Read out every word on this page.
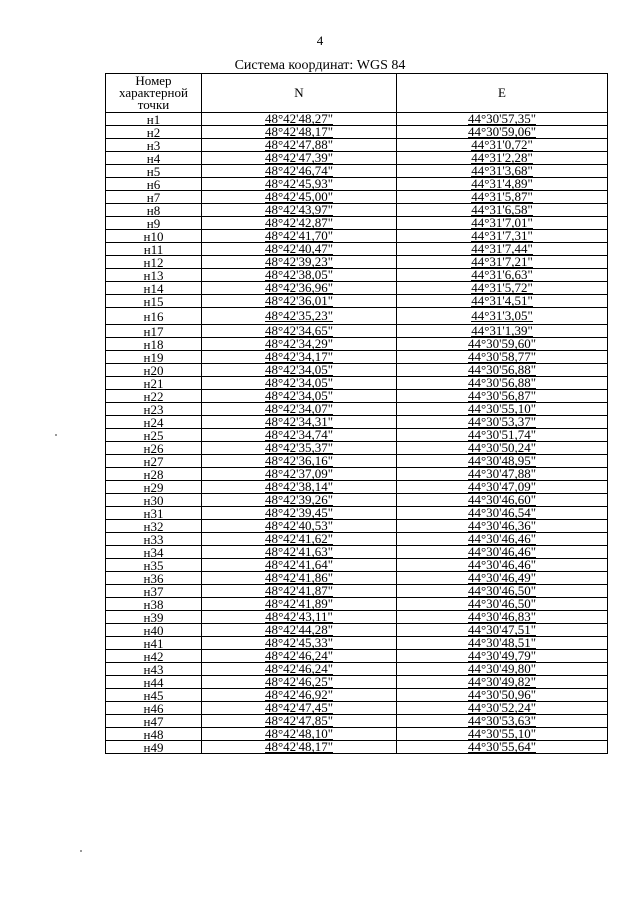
4
Система координат: WGS 84
Номер характерной точки	N	E
н1	48°42'48,27"	44°30'57,35"
н2	48°42'48,17"	44°30'59,06"
н3	48°42'47,88"	44°31'0,72"
н4	48°42'47,39"	44°31'2,28"
н5	48°42'46,74"	44°31'3,68"
н6	48°42'45,93"	44°31'4,89"
н7	48°42'45,00"	44°31'5,87"
н8	48°42'43,97"	44°31'6,58"
н9	48°42'42,87"	44°31'7,01"
н10	48°42'41,70"	44°31'7,31"
н11	48°42'40,47"	44°31'7,44"
н12	48°42'39,23"	44°31'7,21"
н13	48°42'38,05"	44°31'6,63"
н14	48°42'36,96"	44°31'5,72"
н15	48°42'36,01"	44°31'4,51"
н16	48°42'35,23"	44°31'3,05"
н17	48°42'34,65"	44°31'1,39"
н18	48°42'34,29"	44°30'59,60"
н19	48°42'34,17"	44°30'58,77"
н20	48°42'34,05"	44°30'56,88"
н21	48°42'34,05"	44°30'56,88"
н22	48°42'34,05"	44°30'56,87"
н23	48°42'34,07"	44°30'55,10"
н24	48°42'34,31"	44°30'53,37"
н25	48°42'34,74"	44°30'51,74"
н26	48°42'35,37"	44°30'50,24"
н27	48°42'36,16"	44°30'48,95"
н28	48°42'37,09"	44°30'47,88"
н29	48°42'38,14"	44°30'47,09"
н30	48°42'39,26"	44°30'46,60"
н31	48°42'39,45"	44°30'46,54"
н32	48°42'40,53"	44°30'46,36"
н33	48°42'41,62"	44°30'46,46"
н34	48°42'41,63"	44°30'46,46"
н35	48°42'41,64"	44°30'46,46"
н36	48°42'41,86"	44°30'46,49"
н37	48°42'41,87"	44°30'46,50"
н38	48°42'41,89"	44°30'46,50"
н39	48°42'43,11"	44°30'46,83"
н40	48°42'44,28"	44°30'47,51"
н41	48°42'45,33"	44°30'48,51"
н42	48°42'46,24"	44°30'49,79"
н43	48°42'46,24"	44°30'49,80"
н44	48°42'46,25"	44°30'49,82"
н45	48°42'46,92"	44°30'50,96"
н46	48°42'47,45"	44°30'52,24"
н47	48°42'47,85"	44°30'53,63"
н48	48°42'48,10"	44°30'55,10"
н49	48°42'48,17"	44°30'55,64"
